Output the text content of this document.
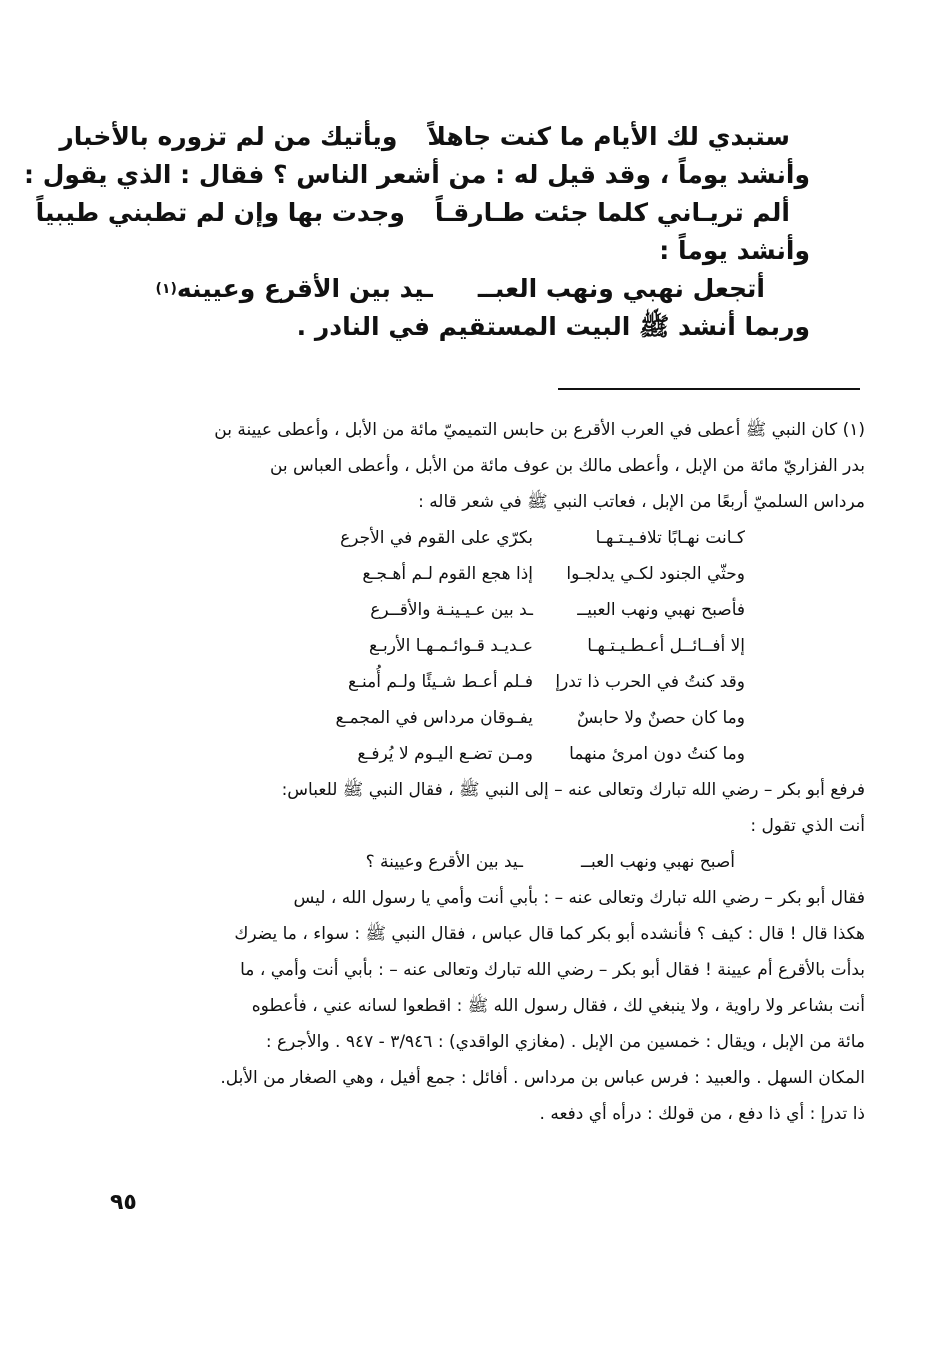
ستبدي لك الأيام ما كنت جاهلاً
ويأتيك من لم تزوره بالأخبار
وأنشد يوماً ، وقد قيل له : من أشعر الناس ؟ فقال : الذي يقول :
ألم تريـاني كلما جئت طـارقـاً
وجدت بها وإن لم تطبني طيبياً
وأنشد يوماً :
أتجعل نهبي ونهب العبــ
ـيد بين الأقرع وعيينه
(١)
وربما أنشد ﷺ البيت المستقيم في النادر .
(١) كان النبي ﷺ أعطى في العرب الأقرع بن حابس التميميّ مائة من الأبل ، وأعطى عيينة بن
بدر الفزاريّ مائة من الإبل ، وأعطى مالك بن عوف مائة من الأبل ، وأعطى العباس بن
مرداس السلميّ أربعًا من الإبل ، فعاتب النبي ﷺ في شعر قاله :
كـانت نهـابًا تلافـيـتـهـا
بكرّي على القوم في الأجرع
وحثّي الجنود لكـي يدلجـوا
إذا هجع القوم لـم أهـجـع
فأصبح نهبي ونهب العبيــ
ـد بين عـيـينـة والأقــرع
إلا أفــائــل أعـطـيـتـهـا
عـديـد قـوائـمـهـا الأربـع
وقد كنتُ في الحرب ذا تدرإ
فـلم أعـط شـيئًا ولـم أُمنـع
وما كان حصنٌ ولا حابسٌ
يفـوقان مرداس في المجمـع
وما كنتُ دون امرئ منهما
ومـن تضـع اليـوم لا يُرفـع
فرفع أبو بكر – رضي الله تبارك وتعالى عنه – إلى النبي ﷺ ، فقال النبي ﷺ للعباس:
أنت الذي تقول :
أصبح نهبي ونهب العبــ
ـيد بين الأقرع وعيينة ؟
فقال أبو بكر – رضي الله تبارك وتعالى عنه – : بأبي أنت وأمي يا رسول الله ، ليس
هكذا قال ! قال : كيف ؟ فأنشده أبو بكر كما قال عباس ، فقال النبي ﷺ : سواء ، ما يضرك
بدأت بالأقرع أم عيينة ! فقال أبو بكر – رضي الله تبارك وتعالى عنه – : بأبي أنت وأمي ، ما
أنت بشاعر ولا راوية ، ولا ينبغي لك ، فقال رسول الله ﷺ : اقطعوا لسانه عني ، فأعطوه
مائة من الإبل ، ويقال : خمسين من الإبل . (مغازي الواقدي) : ٣/٩٤٦ - ٩٤٧ . والأجرع :
المكان السهل . والعبيد : فرس عباس بن مرداس . أفائل : جمع أفيل ، وهي الصغار من الأبل.
ذا تدرإ : أي ذا دفع ، من قولك : درأه أي دفعه .
٩٥
